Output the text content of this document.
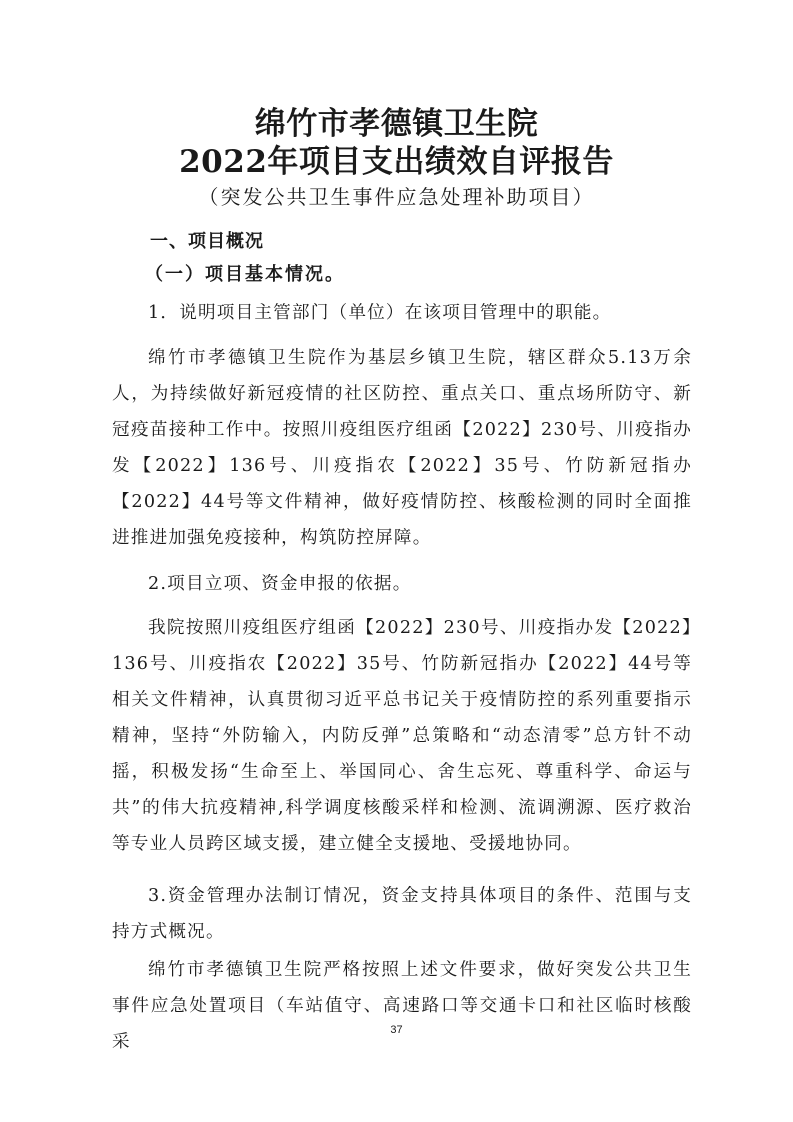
绵竹市孝德镇卫生院
2022年项目支出绩效自评报告
（突发公共卫生事件应急处理补助项目）
一、项目概况
（一）项目基本情况。

1．说明项目主管部门（单位）在该项目管理中的职能。

绵竹市孝德镇卫生院作为基层乡镇卫生院，辖区群众5.13万余人，为持续做好新冠疫情的社区防控、重点关口、重点场所防守、新冠疫苗接种工作中。按照川疫组医疗组函【2022】230号、川疫指办发【2022】136号、川疫指农【2022】35号、竹防新冠指办【2022】44号等文件精神，做好疫情防控、核酸检测的同时全面推进推进加强免疫接种，构筑防控屏障。

2.项目立项、资金申报的依据。

我院按照川疫组医疗组函【2022】230号、川疫指办发【2022】136号、川疫指农【2022】35号、竹防新冠指办【2022】44号等相关文件精神，认真贯彻习近平总书记关于疫情防控的系列重要指示精神，坚持“外防输入，内防反弹”总策略和“动态清零”总方针不动摇，积极发扬“生命至上、举国同心、舍生忘死、尊重科学、命运与共”的伟大抗疫精神,科学调度核酸采样和检测、流调溯源、医疗救治等专业人员跨区域支援，建立健全支援地、受援地协同。

3.资金管理办法制订情况，资金支持具体项目的条件、范围与支持方式概况。

绵竹市孝德镇卫生院严格按照上述文件要求，做好突发公共卫生事件应急处置项目（车站值守、高速路口等交通卡口和社区临时核酸采

37
